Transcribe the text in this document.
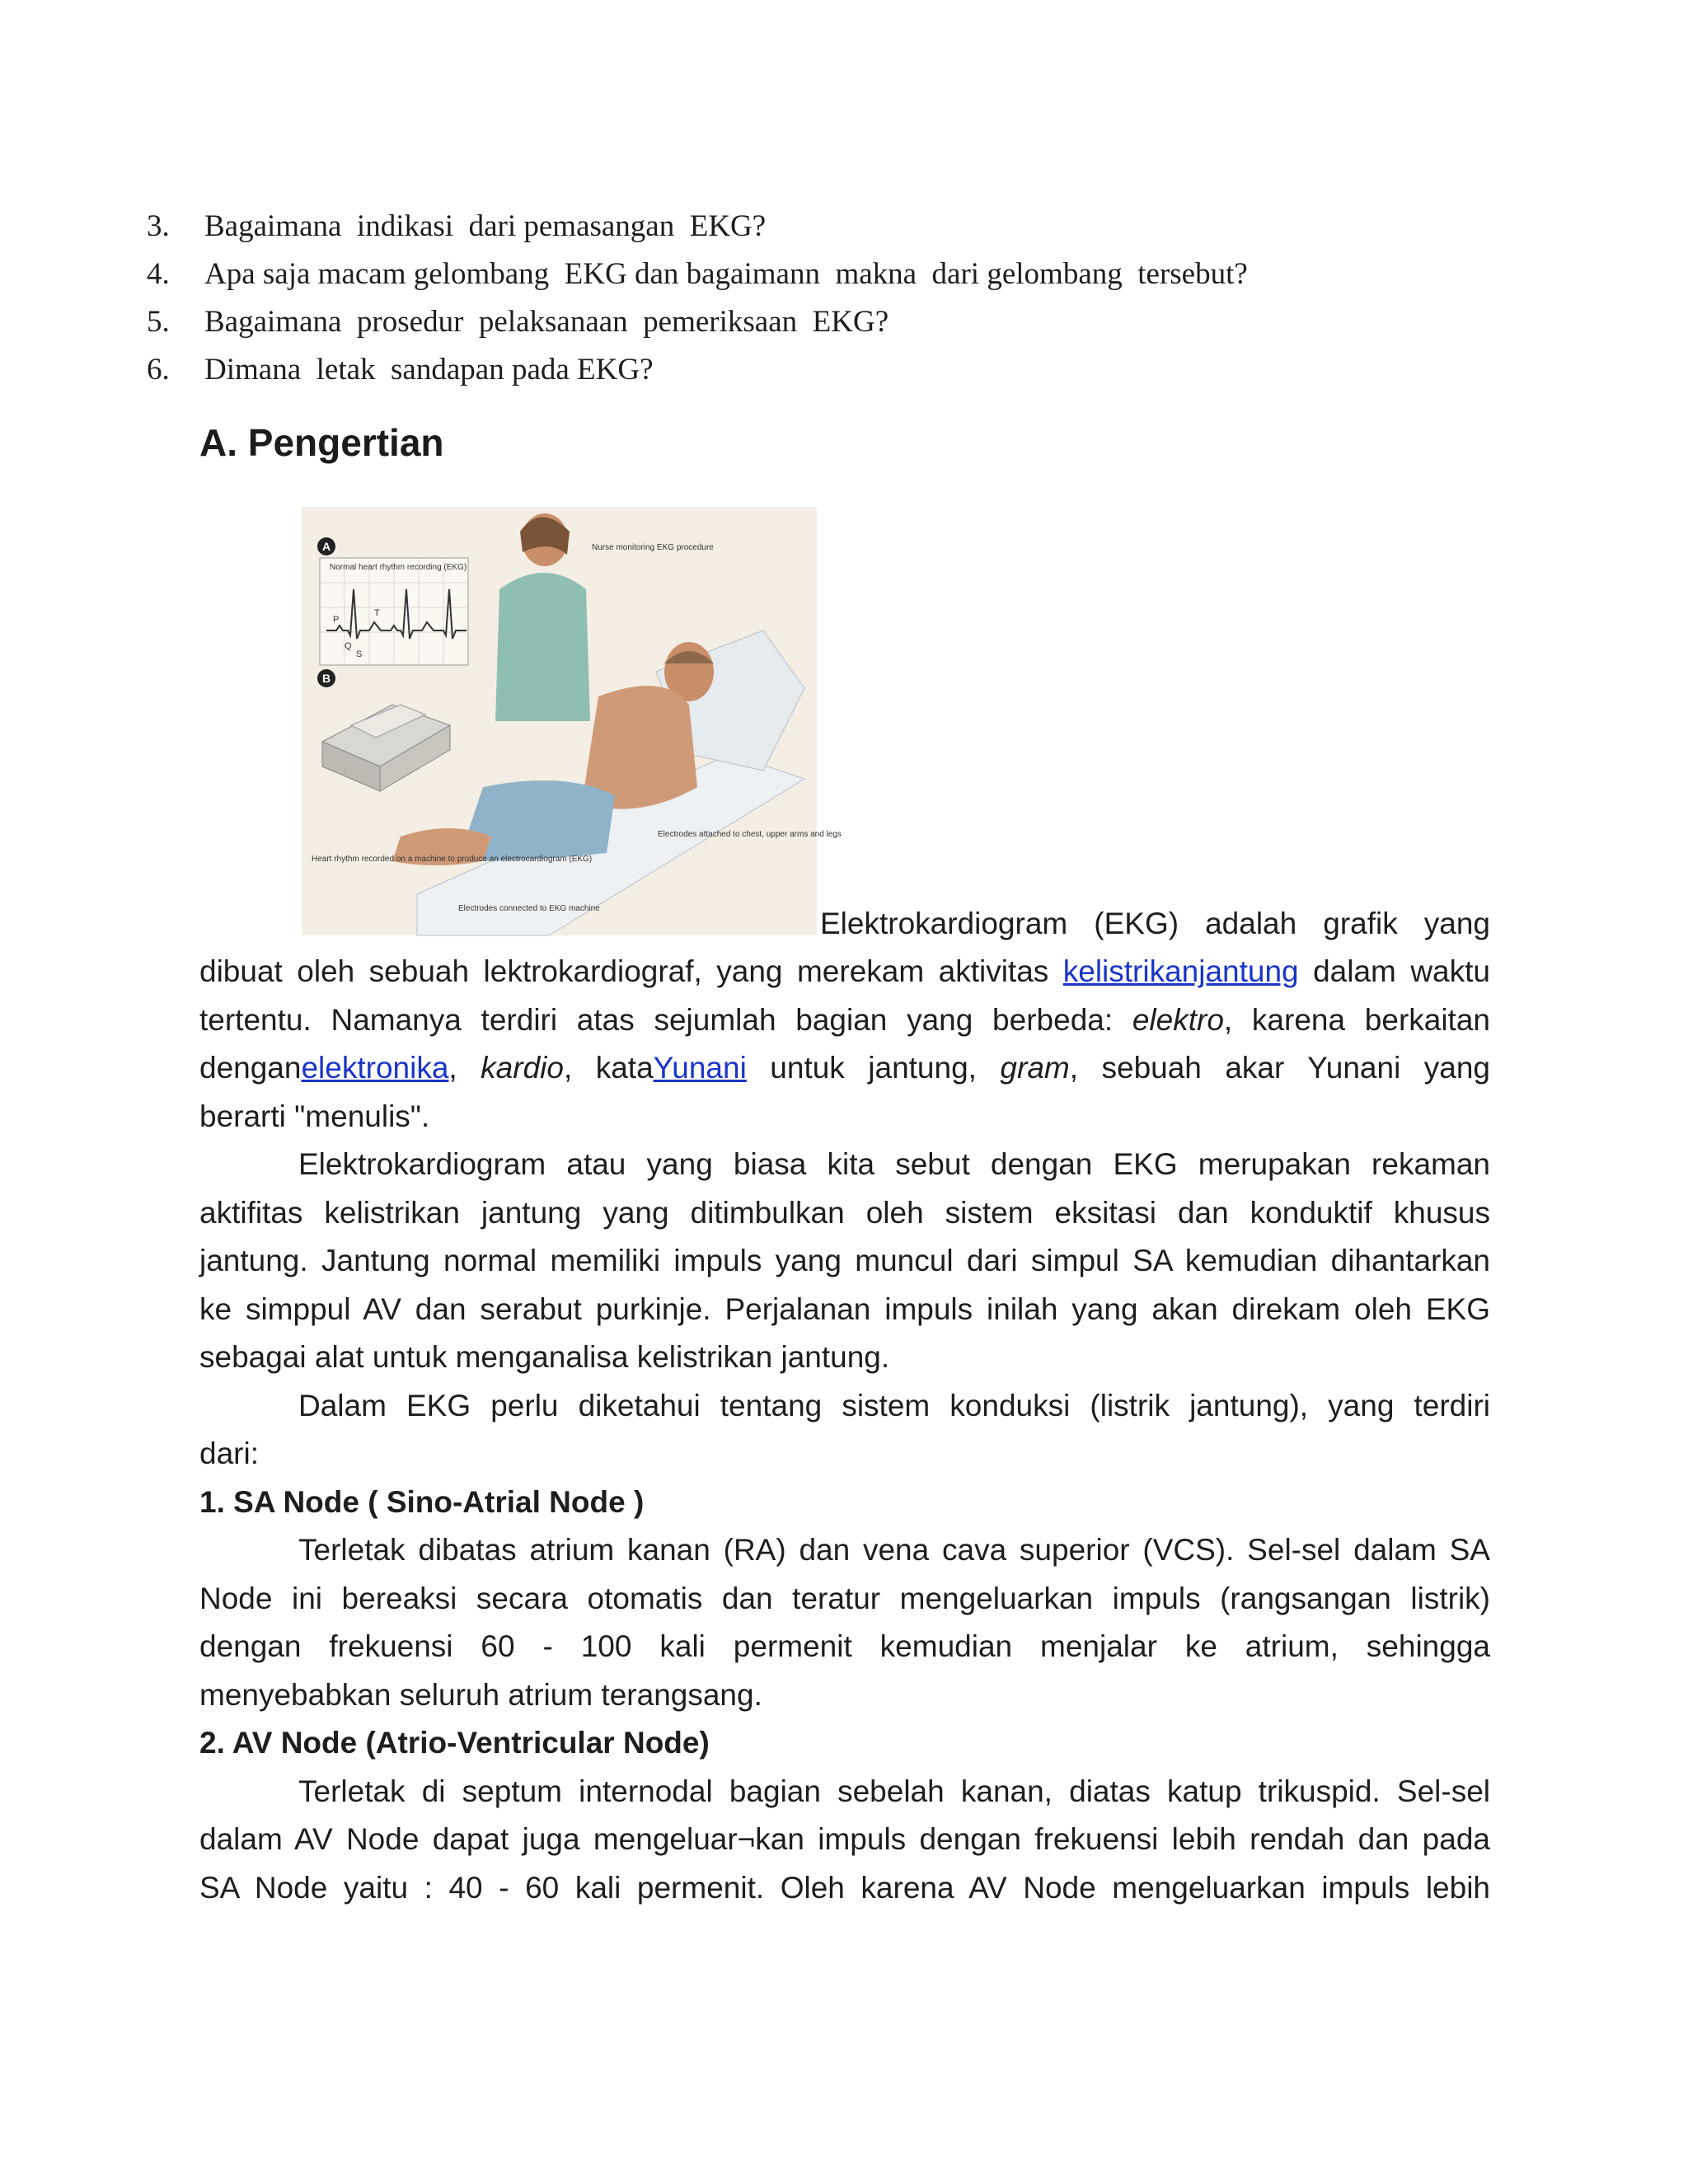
3.	Bagaimana  indikasi  dari pemasangan  EKG?
4.	Apa saja macam gelombang  EKG dan bagaimann  makna  dari gelombang  tersebut?
5.	Bagaimana  prosedur  pelaksanaan  pemeriksaan  EKG?
6.	Dimana  letak  sandapan pada EKG?
A. Pengertian
A
Normal heart rhythm recording (EKG)
P
Q
S
T
B
Nurse monitoring EKG procedure
Heart rhythm recorded on a machine to produce an electrocardiogram (EKG)
Electrodes connected to EKG machine
Electrodes attached to chest, upper arms and legs
Elektrokardiogram (EKG) adalah grafik yang
dibuat oleh sebuah lektrokardiograf, yang merekam aktivitas kelistrikanjantung dalam waktu
tertentu. Namanya terdiri atas sejumlah bagian yang berbeda: elektro, karena berkaitan
denganelektronika, kardio, kataYunani untuk jantung, gram, sebuah akar Yunani yang
berarti "menulis".
Elektrokardiogram atau yang biasa kita sebut dengan EKG merupakan rekaman
aktifitas kelistrikan jantung yang ditimbulkan oleh sistem eksitasi dan konduktif khusus
jantung. Jantung normal memiliki impuls yang muncul dari simpul SA kemudian dihantarkan
ke simppul AV dan serabut purkinje. Perjalanan impuls inilah yang akan direkam oleh EKG
sebagai alat untuk menganalisa kelistrikan jantung.
Dalam EKG perlu diketahui tentang sistem konduksi (listrik jantung), yang terdiri
dari:
1. SA Node ( Sino-Atrial Node )
Terletak dibatas atrium kanan (RA) dan vena cava superior (VCS). Sel-sel dalam SA
Node ini bereaksi secara otomatis dan teratur mengeluarkan impuls (rangsangan listrik)
dengan frekuensi 60 - 100 kali permenit kemudian menjalar ke atrium, sehingga
menyebabkan seluruh atrium terangsang.
2. AV Node (Atrio-Ventricular Node)
Terletak di septum internodal bagian sebelah kanan, diatas katup trikuspid. Sel-sel
dalam AV Node dapat juga mengeluar¬kan impuls dengan frekuensi lebih rendah dan pada
SA Node yaitu : 40 - 60 kali permenit. Oleh karena AV Node mengeluarkan impuls lebih
